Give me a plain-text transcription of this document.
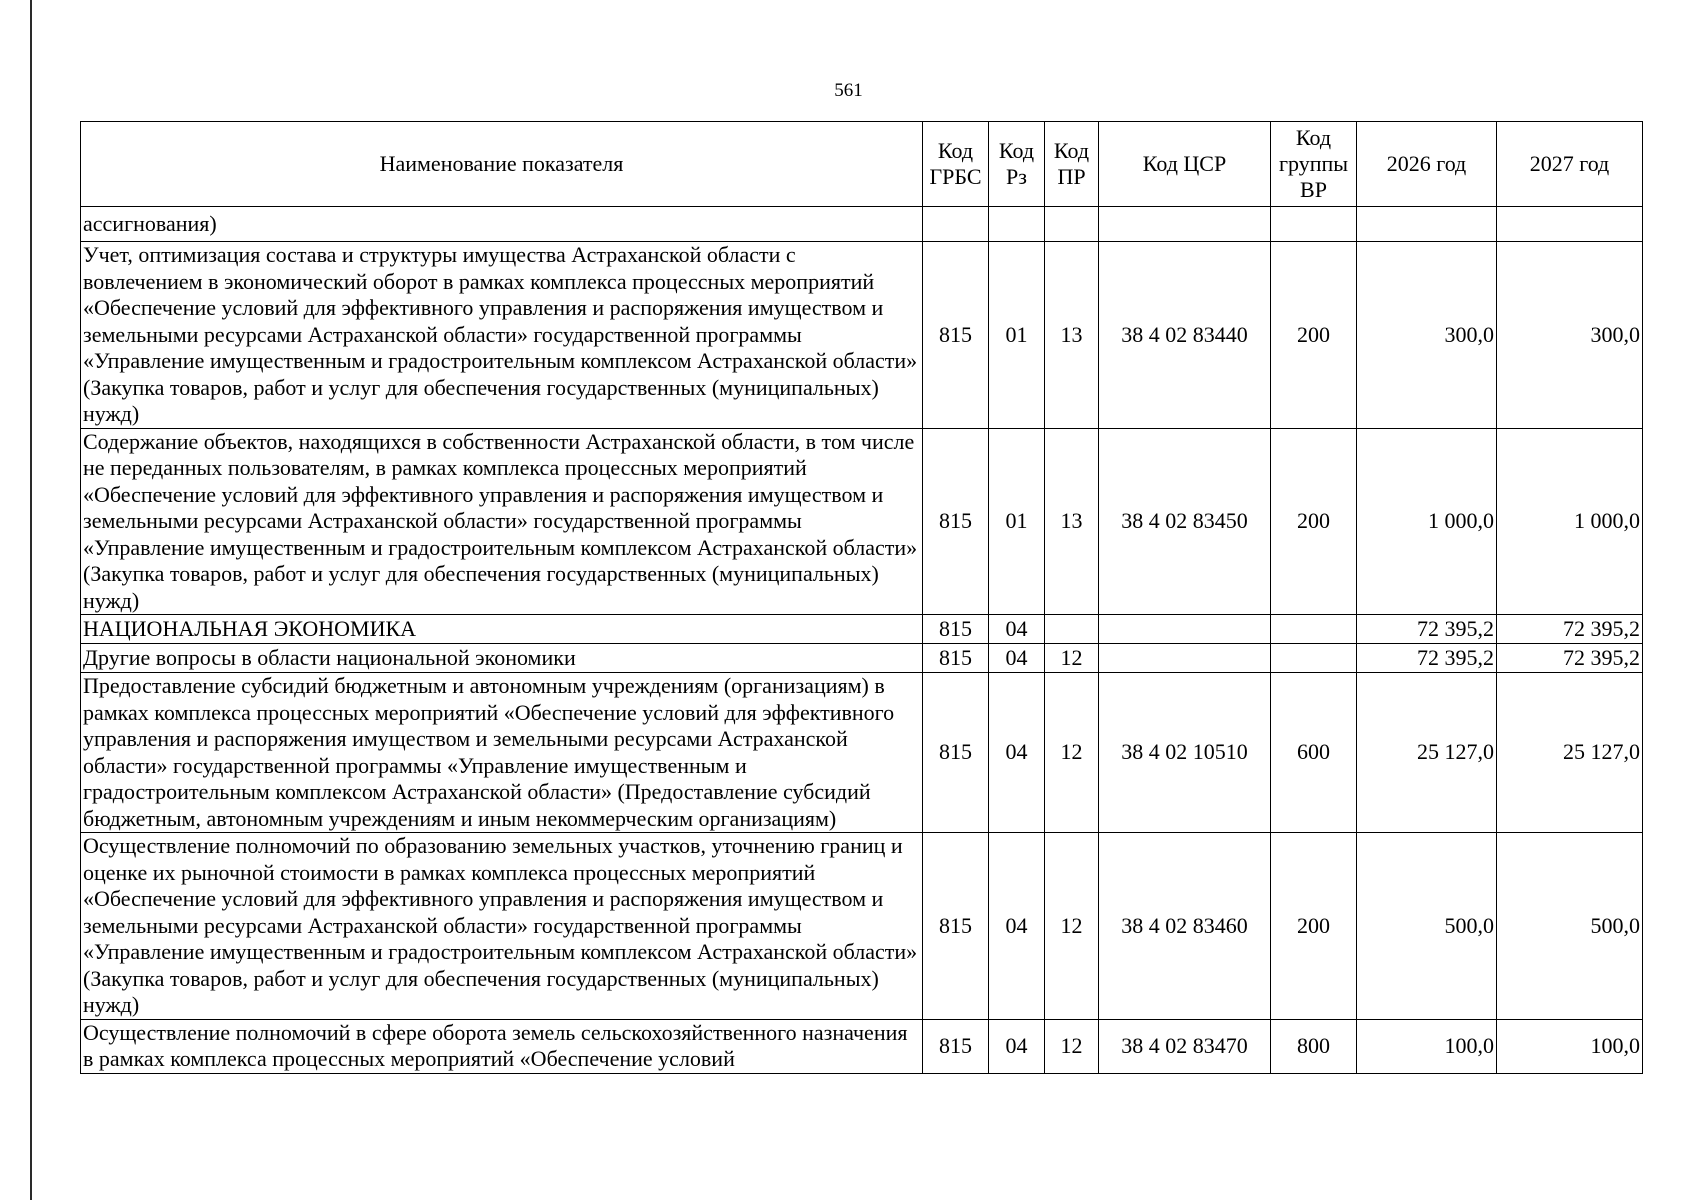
561
Наименование показателя	Код ГРБС	Код Рз	Код ПР	Код ЦСР	Код группы ВР	2026 год	2027 год
ассигнования)							
Учет, оптимизация состава и структуры имущества Астраханской области с вовлечением в экономический оборот в рамках комплекса процессных мероприятий «Обеспечение условий для эффективного управления и распоряжения имуществом и земельными ресурсами Астраханской области» государственной программы «Управление имущественным и градостроительным комплексом Астраханской области» (Закупка товаров, работ и услуг для обеспечения государственных (муниципальных) нужд)	815	01	13	38 4 02 83440	200	300,0	300,0
Содержание объектов, находящихся в собственности Астраханской области, в том числе не переданных пользователям, в рамках комплекса процессных мероприятий «Обеспечение условий для эффективного управления и распоряжения имуществом и земельными ресурсами Астраханской области» государственной программы «Управление имущественным и градостроительным комплексом Астраханской области» (Закупка товаров, работ и услуг для обеспечения государственных (муниципальных) нужд)	815	01	13	38 4 02 83450	200	1 000,0	1 000,0
НАЦИОНАЛЬНАЯ ЭКОНОМИКА	815	04				72 395,2	72 395,2
Другие вопросы в области национальной экономики	815	04	12			72 395,2	72 395,2
Предоставление субсидий бюджетным и автономным учреждениям (организациям) в рамках комплекса процессных мероприятий «Обеспечение условий для эффективного управления и распоряжения имуществом и земельными ресурсами Астраханской области» государственной программы «Управление имущественным и градостроительным комплексом Астраханской области» (Предоставление субсидий бюджетным, автономным учреждениям и иным некоммерческим организациям)	815	04	12	38 4 02 10510	600	25 127,0	25 127,0
Осуществление полномочий по образованию земельных участков, уточнению границ и оценке их рыночной стоимости в рамках комплекса процессных мероприятий «Обеспечение условий для эффективного управления и распоряжения имуществом и земельными ресурсами Астраханской области» государственной программы «Управление имущественным и градостроительным комплексом Астраханской области» (Закупка товаров, работ и услуг для обеспечения государственных (муниципальных) нужд)	815	04	12	38 4 02 83460	200	500,0	500,0
Осуществление полномочий в сфере оборота земель сельскохозяйственного назначения в рамках комплекса процессных мероприятий «Обеспечение условий	815	04	12	38 4 02 83470	800	100,0	100,0
